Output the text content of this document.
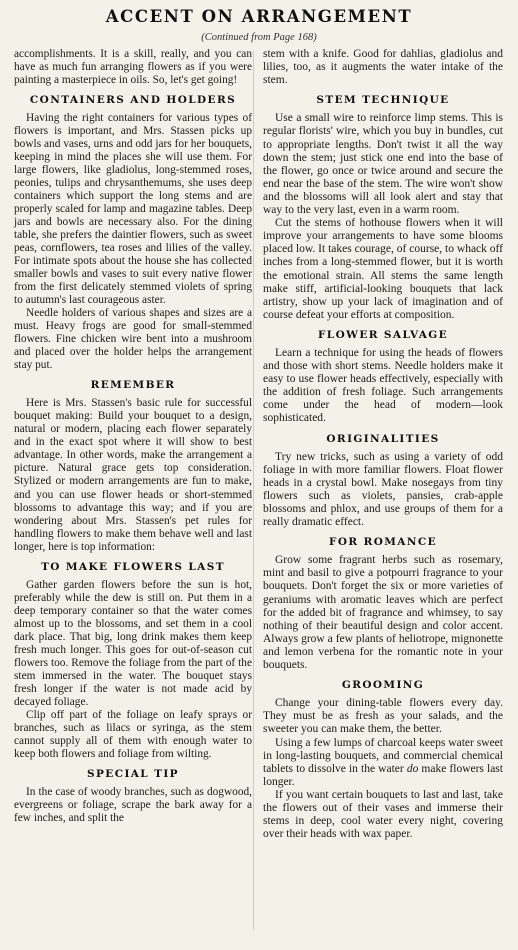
ACCENT ON ARRANGEMENT
(Continued from Page 168)

accomplishments. It is a skill, really, and you can have as much fun arranging flowers as if you were painting a masterpiece in oils. So, let's get going!

CONTAINERS AND HOLDERS

Having the right containers for various types of flowers is important, and Mrs. Stassen picks up bowls and vases, urns and odd jars for her bouquets, keeping in mind the places she will use them. For large flowers, like gladiolus, long-stemmed roses, peonies, tulips and chrysanthemums, she uses deep containers which support the long stems and are properly scaled for lamp and magazine tables. Deep jars and bowls are necessary also. For the dining table, she prefers the daintier flowers, such as sweet peas, cornflowers, tea roses and lilies of the valley. For intimate spots about the house she has collected smaller bowls and vases to suit every native flower from the first delicately stemmed violets of spring to autumn's last courageous aster.

Needle holders of various shapes and sizes are a must. Heavy frogs are good for small-stemmed flowers. Fine chicken wire bent into a mushroom and placed over the holder helps the arrangement stay put.

REMEMBER

Here is Mrs. Stassen's basic rule for successful bouquet making: Build your bouquet to a design, natural or modern, placing each flower separately and in the exact spot where it will show to best advantage. In other words, make the arrangement a picture. Natural grace gets top consideration. Stylized or modern arrangements are fun to make, and you can use flower heads or short-stemmed blossoms to advantage this way; and if you are wondering about Mrs. Stassen's pet rules for handling flowers to make them behave well and last longer, here is top information:

TO MAKE FLOWERS LAST

Gather garden flowers before the sun is hot, preferably while the dew is still on. Put them in a deep temporary container so that the water comes almost up to the blossoms, and set them in a cool dark place. That big, long drink makes them keep fresh much longer. This goes for out-of-season cut flowers too. Remove the foliage from the part of the stem immersed in the water. The bouquet stays fresh longer if the water is not made acid by decayed foliage.

Clip off part of the foliage on leafy sprays or branches, such as lilacs or syringa, as the stem cannot supply all of them with enough water to keep both flowers and foliage from wilting.

SPECIAL TIP

In the case of woody branches, such as dogwood, evergreens or foliage, scrape the bark away for a few inches, and split the

stem with a knife. Good for dahlias, gladiolus and lilies, too, as it augments the water intake of the stem.

STEM TECHNIQUE

Use a small wire to reinforce limp stems. This is regular florists' wire, which you buy in bundles, cut to appropriate lengths. Don't twist it all the way down the stem; just stick one end into the base of the flower, go once or twice around and secure the end near the base of the stem. The wire won't show and the blossoms will all look alert and stay that way to the very last, even in a warm room.

Cut the stems of hothouse flowers when it will improve your arrangements to have some blooms placed low. It takes courage, of course, to whack off inches from a long-stemmed flower, but it is worth the emotional strain. All stems the same length make stiff, artificial-looking bouquets that lack artistry, show up your lack of imagination and of course defeat your efforts at composition.

FLOWER SALVAGE

Learn a technique for using the heads of flowers and those with short stems. Needle holders make it easy to use flower heads effectively, especially with the addition of fresh foliage. Such arrangements come under the head of modern—look sophisticated.

ORIGINALITIES

Try new tricks, such as using a variety of odd foliage in with more familiar flowers. Float flower heads in a crystal bowl. Make nosegays from tiny flowers such as violets, pansies, crab-apple blossoms and phlox, and use groups of them for a really dramatic effect.

FOR ROMANCE

Grow some fragrant herbs such as rosemary, mint and basil to give a potpourri fragrance to your bouquets. Don't forget the six or more varieties of geraniums with aromatic leaves which are perfect for the added bit of fragrance and whimsey, to say nothing of their beautiful design and color accent. Always grow a few plants of heliotrope, mignonette and lemon verbena for the romantic note in your bouquets.

GROOMING

Change your dining-table flowers every day. They must be as fresh as your salads, and the sweeter you can make them, the better.

Using a few lumps of charcoal keeps water sweet in long-lasting bouquets, and commercial chemical tablets to dissolve in the water do make flowers last longer.

If you want certain bouquets to last and last, take the flowers out of their vases and immerse their stems in deep, cool water every night, covering over their heads with wax paper.
